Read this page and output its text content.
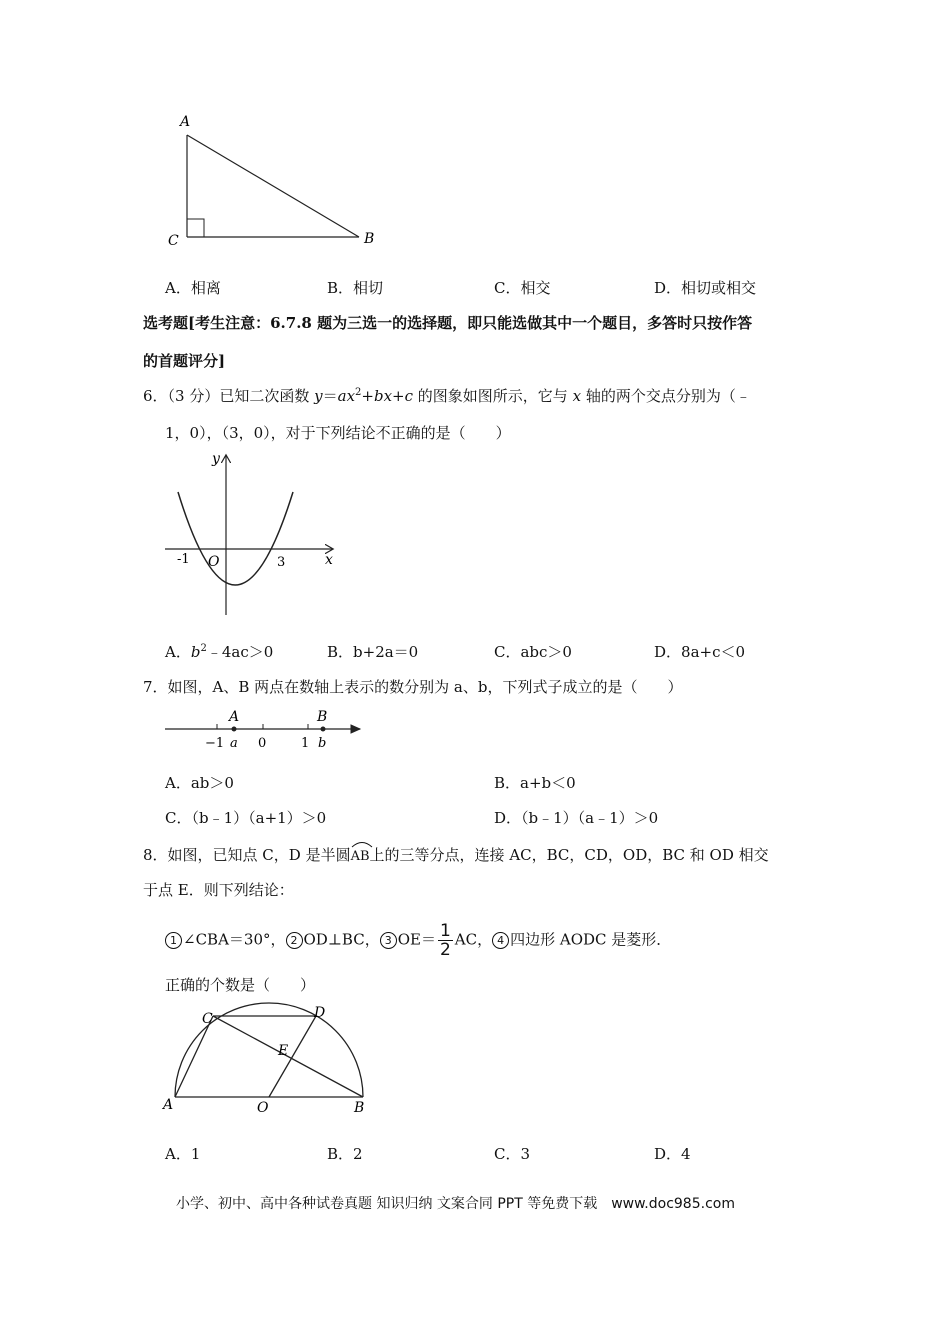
A
C	B
A．相离	B．相切	C．相交	D．相切或相交
选考题[考生注意：6.7.8 题为三选一的选择题，即只能选做其中一个题目，多答时只按作答
的首题评分]
6．（3 分）已知二次函数 $y=ax^2+bx+c$ 的图象如图所示，它与 x 轴的两个交点分别为（﹣
1，0），（3，0），对于下列结论不正确的是（　　）
y
x
O
-1	3
A．$b^2﹣4ac>0$	B．b+2a＝0	C．abc＞0	D．8a+c＜0
7．如图，A、B 两点在数轴上表示的数分别为 a、b，下列式子成立的是（　　）
A	B
−1 a 0	1 b
A．ab＞0	B．a+b＜0
C．（b﹣1）（a+1）＞0	D．（b﹣1）（a﹣1）＞0
8．如图，已知点 C，D 是半圆
AB上的三等分点，连接 AC，BC，CD，OD，BC 和 OD 相交
于点 E．则下列结论：
1 ∠CBA＝30°， 2 OD⊥BC， 3 $OE= \frac{1}{2}$ AC， 4 四边形 AODC 是菱形．
正确的个数是（　　）
C	D
E
A	O	B
A．1	B．2	C．3	D．4
小学、初中、高中各种试卷真题 知识归纳 文案合同 PPT 等免费下载　www.doc985.com
